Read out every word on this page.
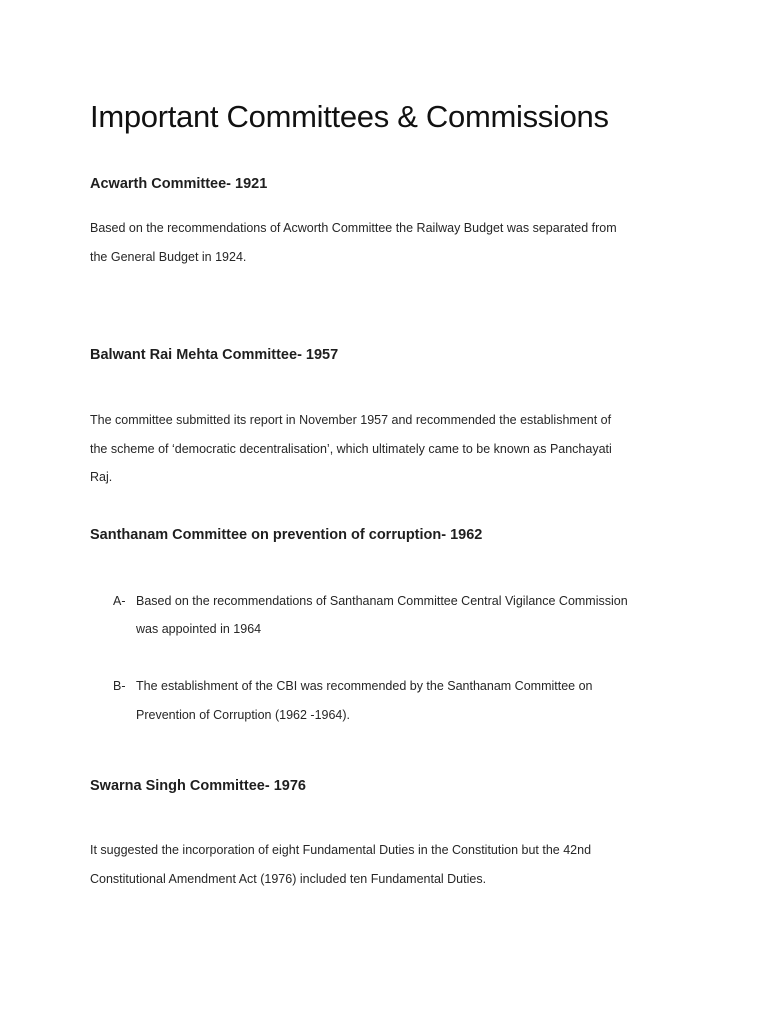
Important Committees & Commissions
Acwarth Committee- 1921

Based on the recommendations of Acworth Committee the Railway Budget was separated from

the General Budget in 1924.

Balwant Rai Mehta Committee- 1957

The committee submitted its report in November 1957 and recommended the establishment of

the scheme of ‘democratic decentralisation’, which ultimately came to be known as Panchayati

Raj.

Santhanam Committee on prevention of corruption- 1962
A- Based on the recommendations of Santhanam Committee Central Vigilance Commission

was appointed in 1964

B- The establishment of the CBI was recommended by the Santhanam Committee on

Prevention of Corruption (1962 -1964).

Swarna Singh Committee- 1976

It suggested the incorporation of eight Fundamental Duties in the Constitution but the 42nd

Constitutional Amendment Act (1976) included ten Fundamental Duties.
